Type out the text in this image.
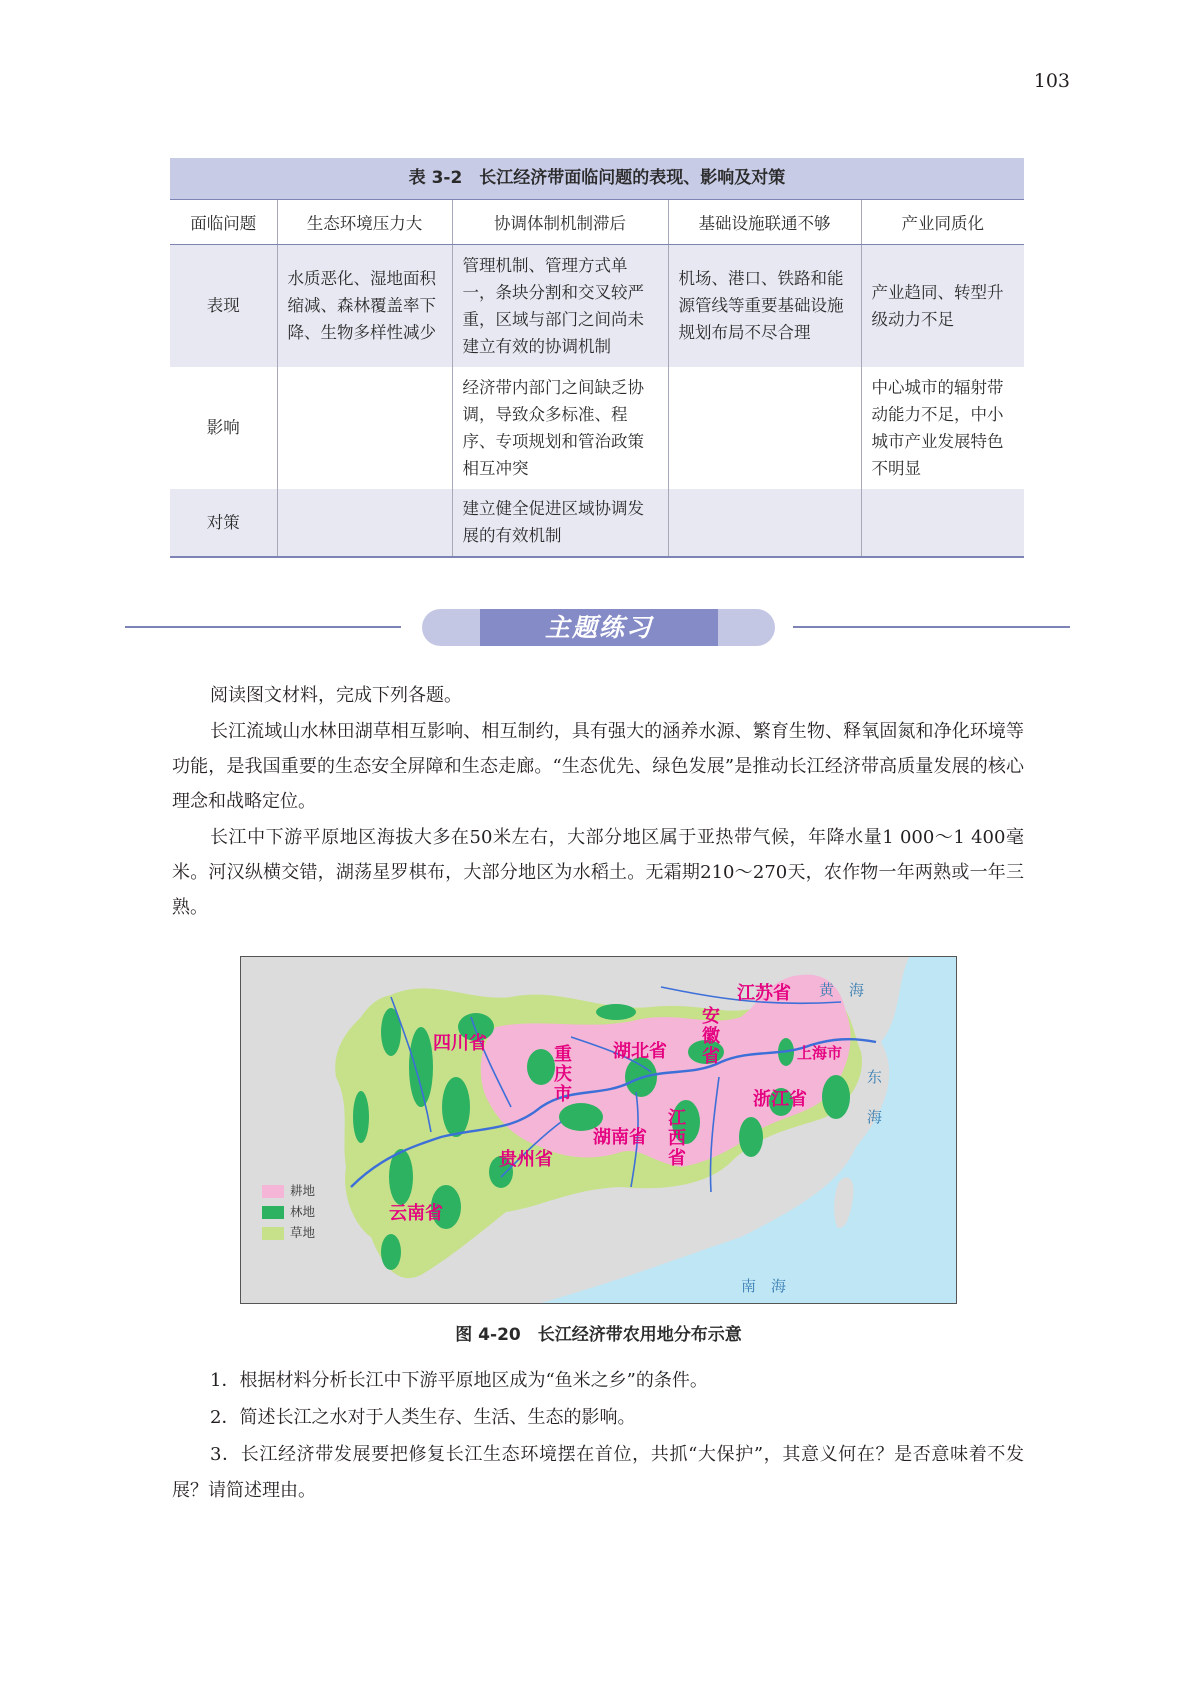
103
表 3-2　长江经济带面临问题的表现、影响及对策
面临问题	生态环境压力大	协调体制机制滞后	基础设施联通不够	产业同质化
表现	水质恶化、湿地面积缩减、森林覆盖率下降、生物多样性减少	管理机制、管理方式单一，条块分割和交叉较严重，区域与部门之间尚未建立有效的协调机制	机场、港口、铁路和能源管线等重要基础设施规划布局不尽合理	产业趋同、转型升级动力不足
影响		经济带内部门之间缺乏协调，导致众多标准、程序、专项规划和管治政策相互冲突		中心城市的辐射带动能力不足，中小城市产业发展特色不明显
对策		建立健全促进区域协调发展的有效机制		
主题练习

阅读图文材料，完成下列各题。

长江流域山水林田湖草相互影响、相互制约，具有强大的涵养水源、繁育生物、释氧固氮和净化环境等功能，是我国重要的生态安全屏障和生态走廊。“生态优先、绿色发展”是推动长江经济带高质量发展的核心理念和战略定位。

长江中下游平原地区海拔大多在50米左右，大部分地区属于亚热带气候，年降水量1 000～1 400毫米。河汉纵横交错，湖荡星罗棋布，大部分地区为水稻土。无霜期210～270天，农作物一年两熟或一年三熟。

四川省
重庆市
湖北省
湖南省
贵州省
云南省
江西省
安徽省
江苏省
上海市
浙江省
黄　海
东　海
南　海
耕地
林地
草地
图 4-20　长江经济带农用地分布示意

1．根据材料分析长江中下游平原地区成为“鱼米之乡”的条件。

2．简述长江之水对于人类生存、生活、生态的影响。

3．长江经济带发展要把修复长江生态环境摆在首位，共抓“大保护”，其意义何在？是否意味着不发展？请简述理由。
